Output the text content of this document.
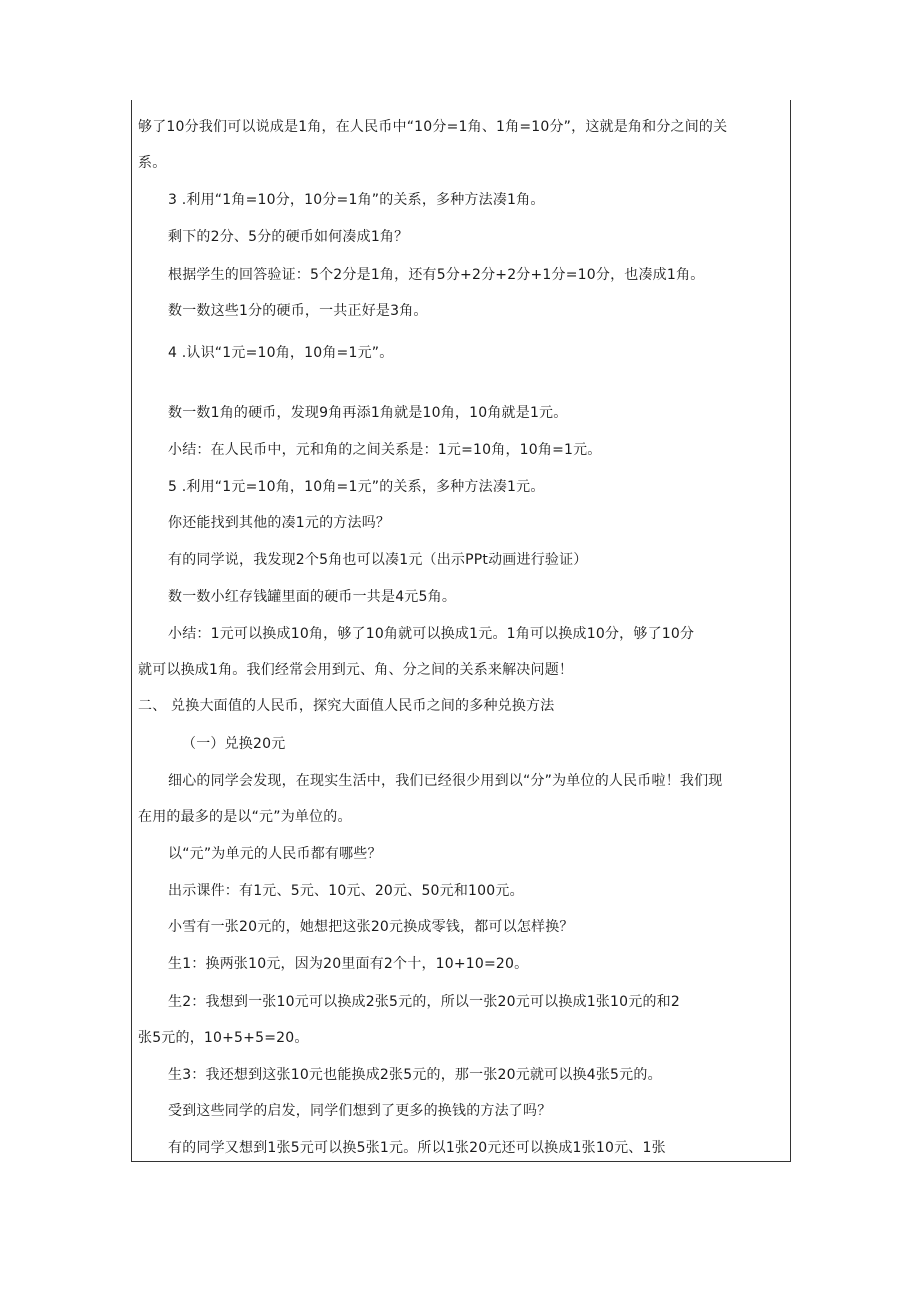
够了10分我们可以说成是1角，在人民币中“10分=1角、1角=10分”，这就是角和分之间的关
系。
3 .利用“1角=10分，10分=1角”的关系，多种方法凑1角。
剩下的2分、5分的硬币如何凑成1角？
根据学生的回答验证：5个2分是1角，还有5分+2分+2分+1分=10分，也凑成1角。
数一数这些1分的硬币，一共正好是3角。
4 .认识“1元=10角，10角=1元”。
数一数1角的硬币，发现9角再添1角就是10角，10角就是1元。
小结：在人民币中，元和角的之间关系是：1元=10角，10角=1元。
5 .利用“1元=10角，10角=1元”的关系，多种方法凑1元。
你还能找到其他的凑1元的方法吗？
有的同学说，我发现2个5角也可以凑1元（出示PPt动画进行验证）
数一数小红存钱罐里面的硬币一共是4元5角。
小结：1元可以换成10角，够了10角就可以换成1元。1角可以换成10分，够了10分
就可以换成1角。我们经常会用到元、角、分之间的关系来解决问题！
二、 兑换大面值的人民币，探究大面值人民币之间的多种兑换方法
（一）兑换20元
细心的同学会发现，在现实生活中，我们已经很少用到以“分”为单位的人民币啦！我们现
在用的最多的是以“元”为单位的。
以“元”为单元的人民币都有哪些？
出示课件：有1元、5元、10元、20元、50元和100元。
小雪有一张20元的，她想把这张20元换成零钱，都可以怎样换？
生1：换两张10元，因为20里面有2个十，10+10=20。
生2：我想到一张10元可以换成2张5元的，所以一张20元可以换成1张10元的和2
张5元的，10+5+5=20。
生3：我还想到这张10元也能换成2张5元的，那一张20元就可以换4张5元的。
受到这些同学的启发，同学们想到了更多的换钱的方法了吗？
有的同学又想到1张5元可以换5张1元。所以1张20元还可以换成1张10元、1张
